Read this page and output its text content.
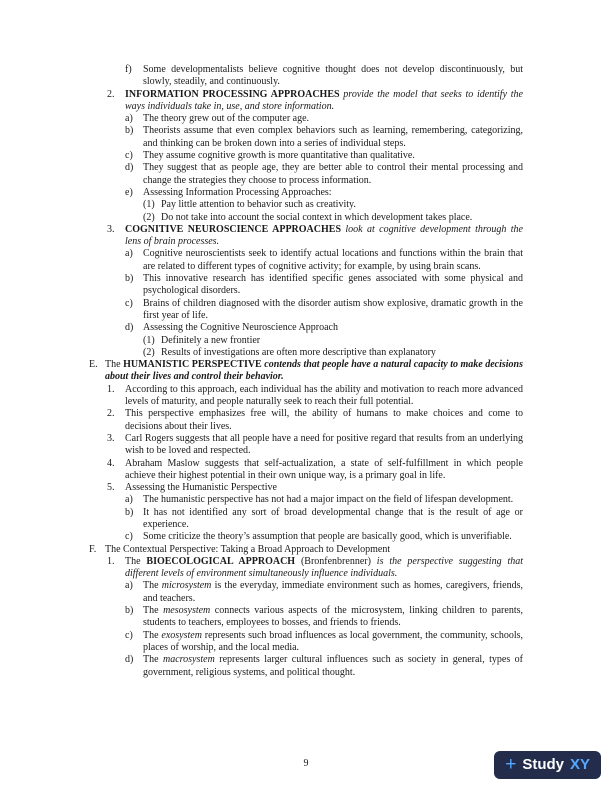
f) Some developmentalists believe cognitive thought does not develop discontinuously, but slowly, steadily, and continuously.
2. INFORMATION PROCESSING APPROACHES provide the model that seeks to identify the ways individuals take in, use, and store information.
a) The theory grew out of the computer age.
b) Theorists assume that even complex behaviors such as learning, remembering, categorizing, and thinking can be broken down into a series of individual steps.
c) They assume cognitive growth is more quantitative than qualitative.
d) They suggest that as people age, they are better able to control their mental processing and change the strategies they choose to process information.
e) Assessing Information Processing Approaches:
(1) Pay little attention to behavior such as creativity.
(2) Do not take into account the social context in which development takes place.
3. COGNITIVE NEUROSCIENCE APPROACHES look at cognitive development through the lens of brain processes.
a) Cognitive neuroscientists seek to identify actual locations and functions within the brain that are related to different types of cognitive activity; for example, by using brain scans.
b) This innovative research has identified specific genes associated with some physical and psychological disorders.
c) Brains of children diagnosed with the disorder autism show explosive, dramatic growth in the first year of life.
d) Assessing the Cognitive Neuroscience Approach
(1) Definitely a new frontier
(2) Results of investigations are often more descriptive than explanatory
E. The HUMANISTIC PERSPECTIVE contends that people have a natural capacity to make decisions about their lives and control their behavior.
1. According to this approach, each individual has the ability and motivation to reach more advanced levels of maturity, and people naturally seek to reach their full potential.
2. This perspective emphasizes free will, the ability of humans to make choices and come to decisions about their lives.
3. Carl Rogers suggests that all people have a need for positive regard that results from an underlying wish to be loved and respected.
4. Abraham Maslow suggests that self-actualization, a state of self-fulfillment in which people achieve their highest potential in their own unique way, is a primary goal in life.
5. Assessing the Humanistic Perspective
a) The humanistic perspective has not had a major impact on the field of lifespan development.
b) It has not identified any sort of broad developmental change that is the result of age or experience.
c) Some criticize the theory’s assumption that people are basically good, which is unverifiable.
F. The Contextual Perspective: Taking a Broad Approach to Development
1. The BIOECOLOGICAL APPROACH (Bronfenbrenner) is the perspective suggesting that different levels of environment simultaneously influence individuals.
a) The microsystem is the everyday, immediate environment such as homes, caregivers, friends, and teachers.
b) The mesosystem connects various aspects of the microsystem, linking children to parents, students to teachers, employees to bosses, and friends to friends.
c) The exosystem represents such broad influences as local government, the community, schools, places of worship, and the local media.
d) The macrosystem represents larger cultural influences such as society in general, types of government, religious systems, and political thought.
9	+ Study XY
